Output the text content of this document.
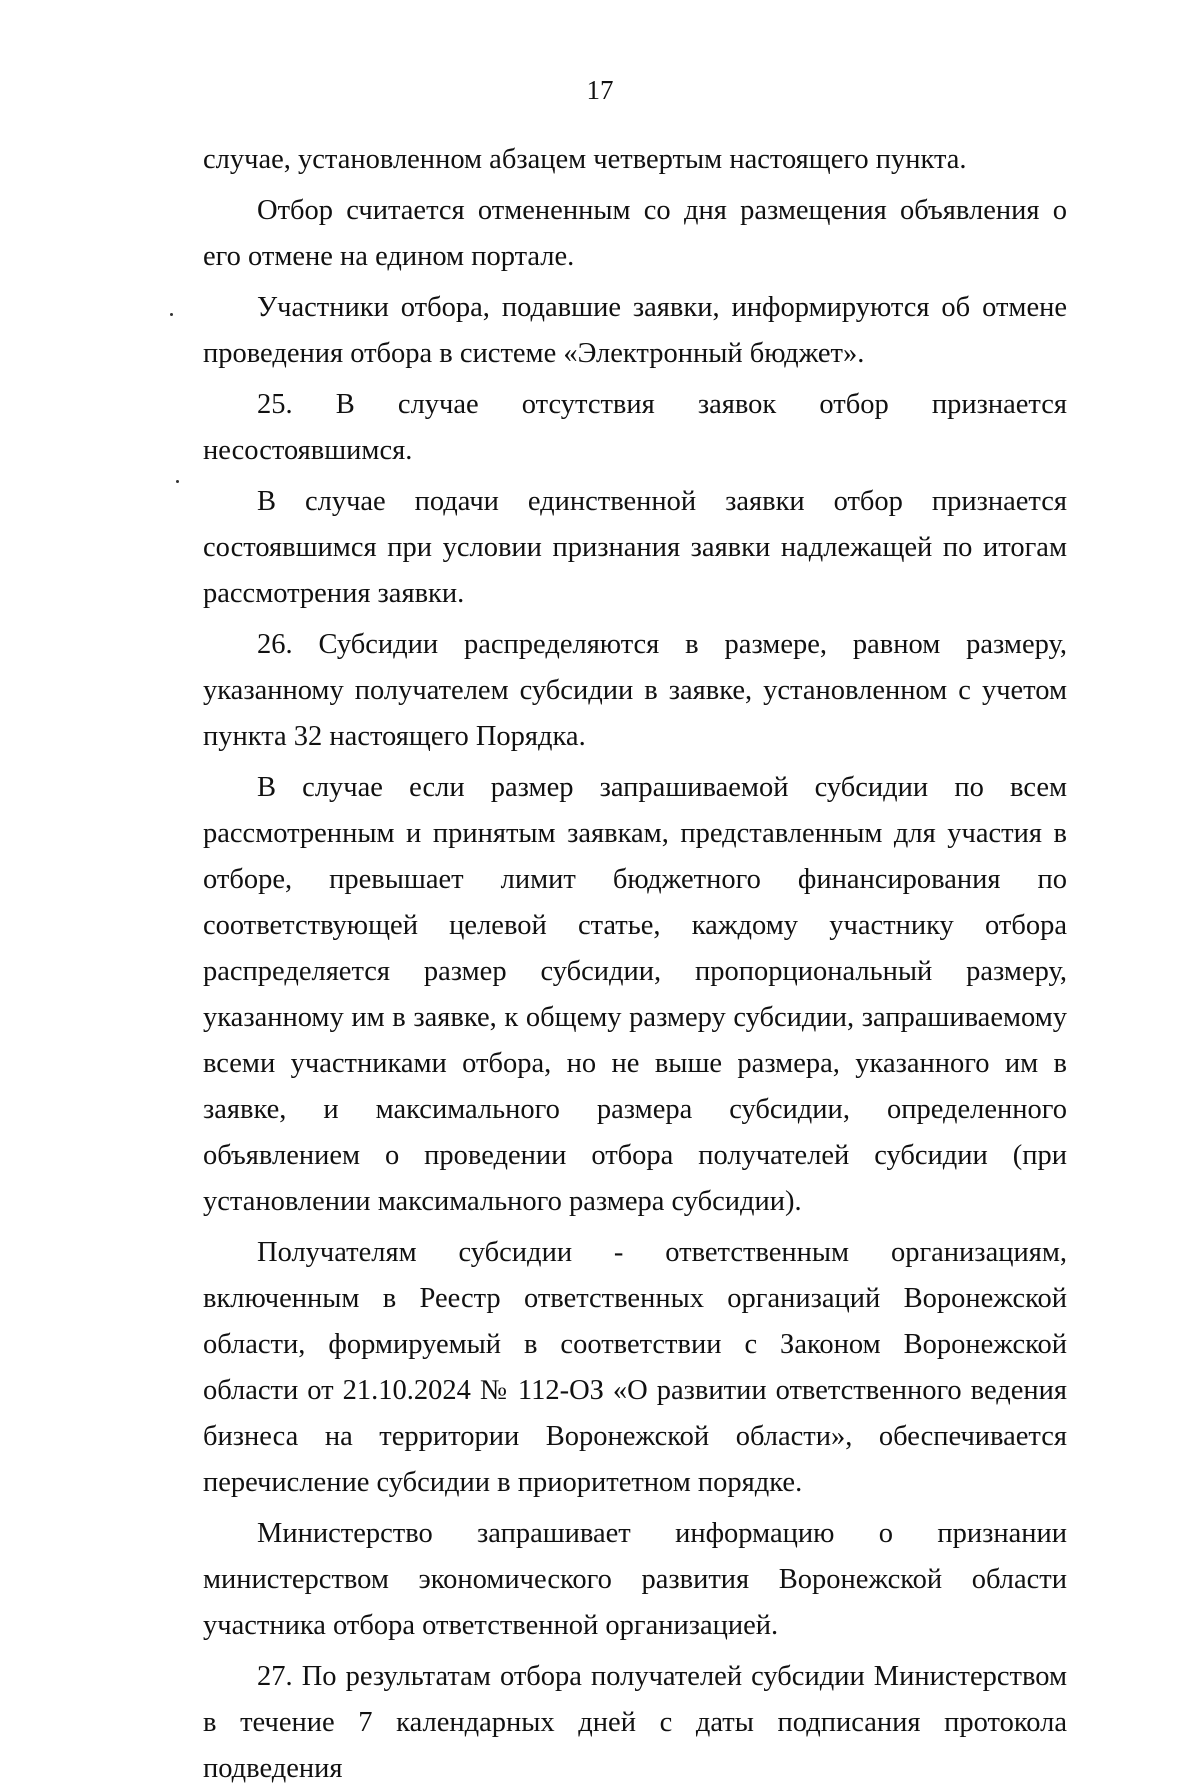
17

случае, установленном абзацем четвертым настоящего пункта.

Отбор считается отмененным со дня размещения объявления о его отмене на едином портале.

Участники отбора, подавшие заявки, информируются об отмене проведения отбора в системе «Электронный бюджет».

25. В случае отсутствия заявок отбор признается несостоявшимся.

В случае подачи единственной заявки отбор признается состоявшимся при условии признания заявки надлежащей по итогам рассмотрения заявки.

26. Субсидии распределяются в размере, равном размеру, указанному получателем субсидии в заявке, установленном с учетом пункта 32 настоящего Порядка.

В случае если размер запрашиваемой субсидии по всем рассмотренным и принятым заявкам, представленным для участия в отборе, превышает лимит бюджетного финансирования по соответствующей целевой статье, каждому участнику отбора распределяется размер субсидии, пропорциональный размеру, указанному им в заявке, к общему размеру субсидии, запрашиваемому всеми участниками отбора, но не выше размера, указанного им в заявке, и максимального размера субсидии, определенного объявлением о проведении отбора получателей субсидии (при установлении максимального размера субсидии).

Получателям субсидии - ответственным организациям, включенным в Реестр ответственных организаций Воронежской области, формируемый в соответствии с Законом Воронежской области от 21.10.2024 № 112-ОЗ «О развитии ответственного ведения бизнеса на территории Воронежской области», обеспечивается перечисление субсидии в приоритетном порядке.

Министерство запрашивает информацию о признании министерством экономического развития Воронежской области участника отбора ответственной организацией.

27. По результатам отбора получателей субсидии Министерством в течение 7 календарных дней с даты подписания протокола подведения
